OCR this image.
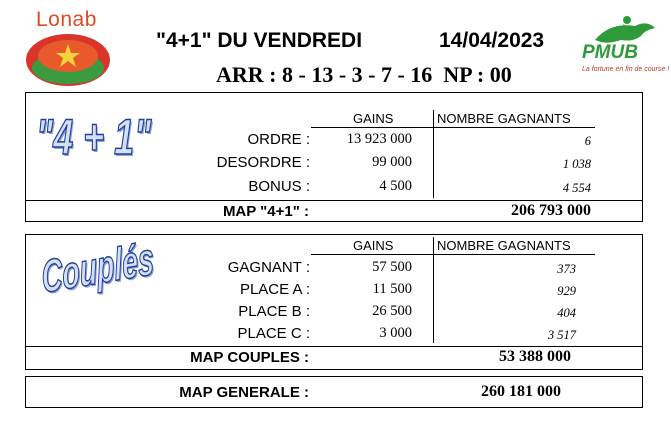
Lonab
PMUB
La fortune en fin de course !
"4+1" DU VENDREDI	14/04/2023
ARR : 8 - 13 - 3 - 7 - 16  NP : 00
"4 + 1"	GAINS	NOMBRE GAGNANTS
ORDRE :	13 923 000	6
DESORDRE :	99 000	1 038
BONUS :	4 500	4 554
MAP "4+1" :	206 793 000
Couplés	GAINS	NOMBRE GAGNANTS
GAGNANT :	57 500	373
PLACE A :	11 500	929
PLACE B :	26 500	404
PLACE C :	3 000	3 517
MAP COUPLES :	53 388 000
MAP GENERALE :	260 181 000
